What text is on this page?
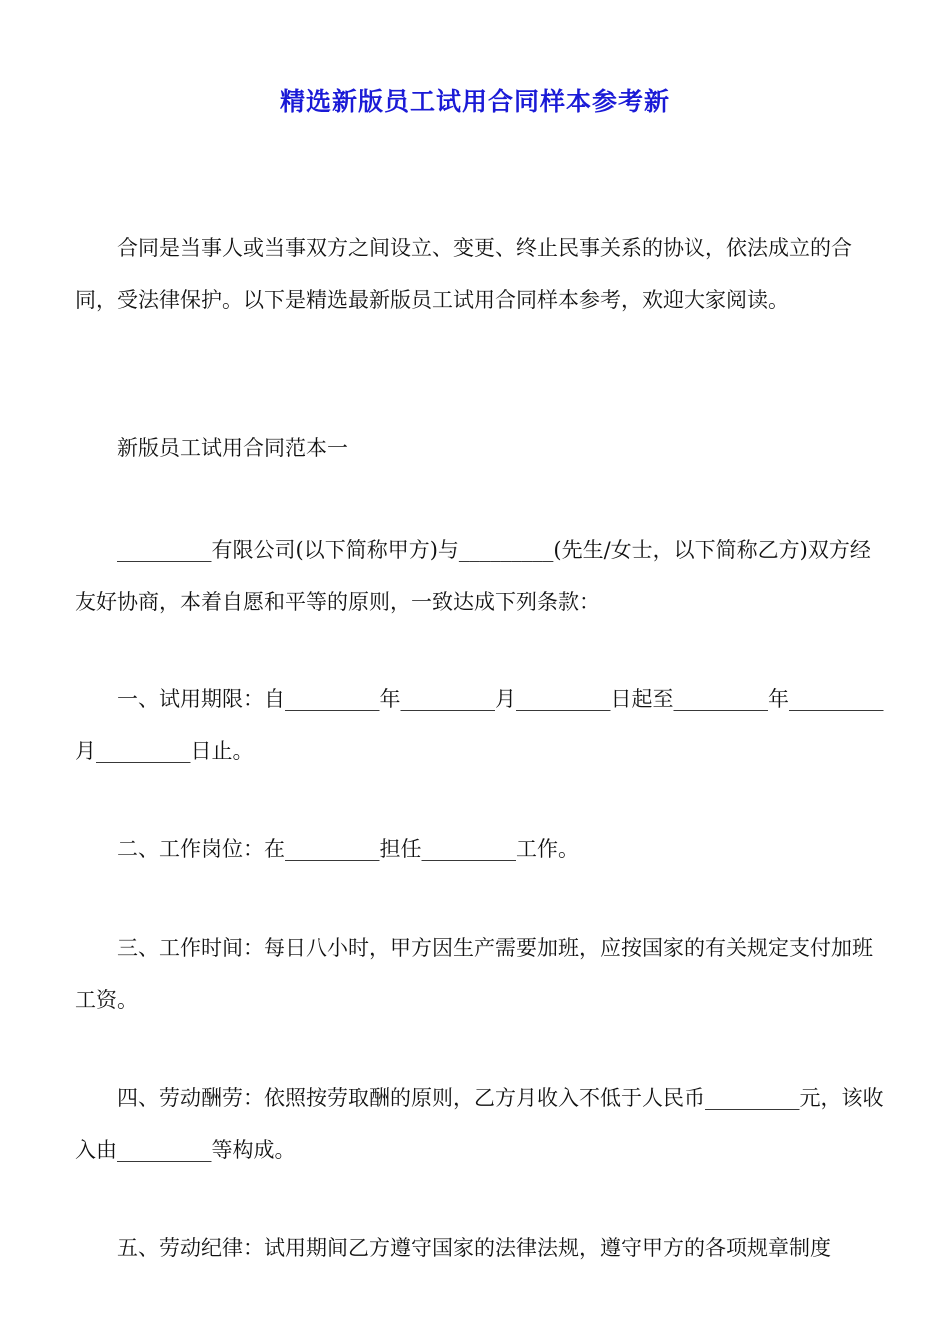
精选新版员工试用合同样本参考新

合同是当事人或当事双方之间设立、变更、终止民事关系的协议，依法成立的合同，受法律保护。以下是精选最新版员工试用合同样本参考，欢迎大家阅读。

新版员工试用合同范本一

_________有限公司(以下简称甲方)与_________(先生/女士，以下简称乙方)双方经友好协商，本着自愿和平等的原则，一致达成下列条款：

一、试用期限：自_________年_________月_________日起至_________年_________月_________日止。

二、工作岗位：在_________担任_________工作。

三、工作时间：每日八小时，甲方因生产需要加班，应按国家的有关规定支付加班工资。

四、劳动酬劳：依照按劳取酬的原则，乙方月收入不低于人民币_________元，该收入由_________等构成。

五、劳动纪律：试用期间乙方遵守国家的法律法规，遵守甲方的各项规章制度
